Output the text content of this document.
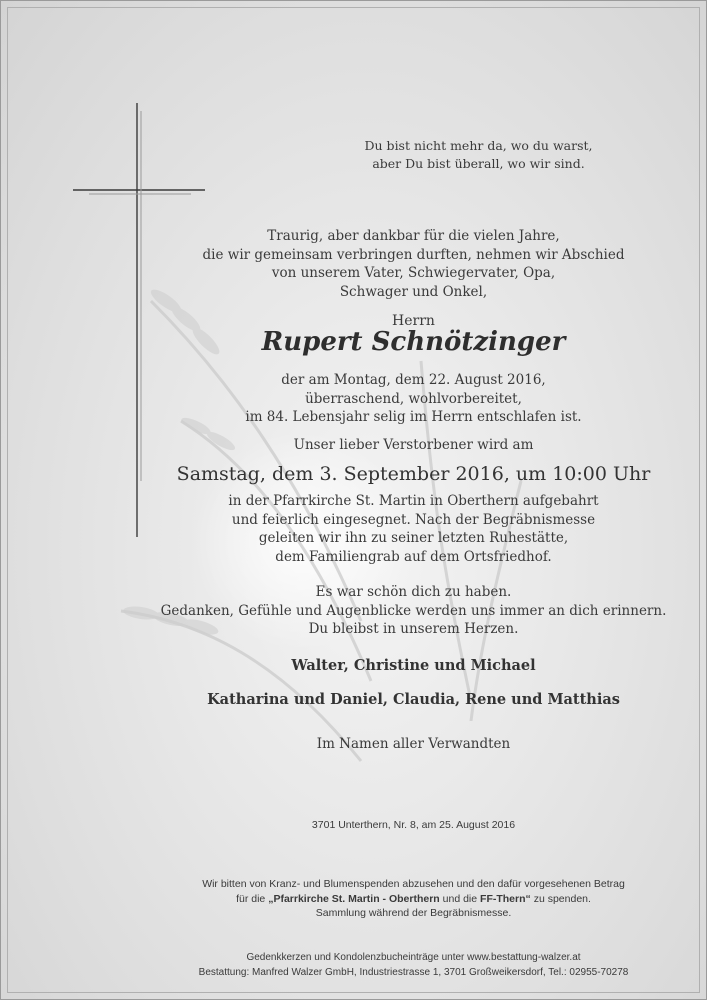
Du bist nicht mehr da, wo du warst,
aber Du bist überall, wo wir sind.
Traurig, aber dankbar für die vielen Jahre,
die wir gemeinsam verbringen durften, nehmen wir Abschied
von unserem Vater, Schwiegervater, Opa,
Schwager und Onkel,
Herrn
Rupert Schnötzinger
der am Montag, dem 22. August 2016,
überraschend, wohlvorbereitet,
im 84. Lebensjahr selig im Herrn entschlafen ist.
Unser lieber Verstorbener wird am
Samstag, dem 3. September 2016, um 10:00 Uhr
in der Pfarrkirche St. Martin in Oberthern aufgebahrt
und feierlich eingesegnet. Nach der Begräbnismesse
geleiten wir ihn zu seiner letzten Ruhestätte,
dem Familiengrab auf dem Ortsfriedhof.
Es war schön dich zu haben.
Gedanken, Gefühle und Augenblicke werden uns immer an dich erinnern.
Du bleibst in unserem Herzen.
Walter, Christine und Michael
Katharina und Daniel, Claudia, Rene und Matthias
Im Namen aller Verwandten
3701 Unterthern, Nr. 8, am 25. August 2016
Wir bitten von Kranz- und Blumenspenden abzusehen und den dafür vorgesehenen Betrag
für die „Pfarrkirche St. Martin - Oberthern und die FF-Thern“ zu spenden.
Sammlung während der Begräbnismesse.
Gedenkkerzen und Kondolenzbucheinträge unter www.bestattung-walzer.at
Bestattung: Manfred Walzer GmbH, Industriestrasse 1, 3701 Großweikersdorf, Tel.: 02955-70278
